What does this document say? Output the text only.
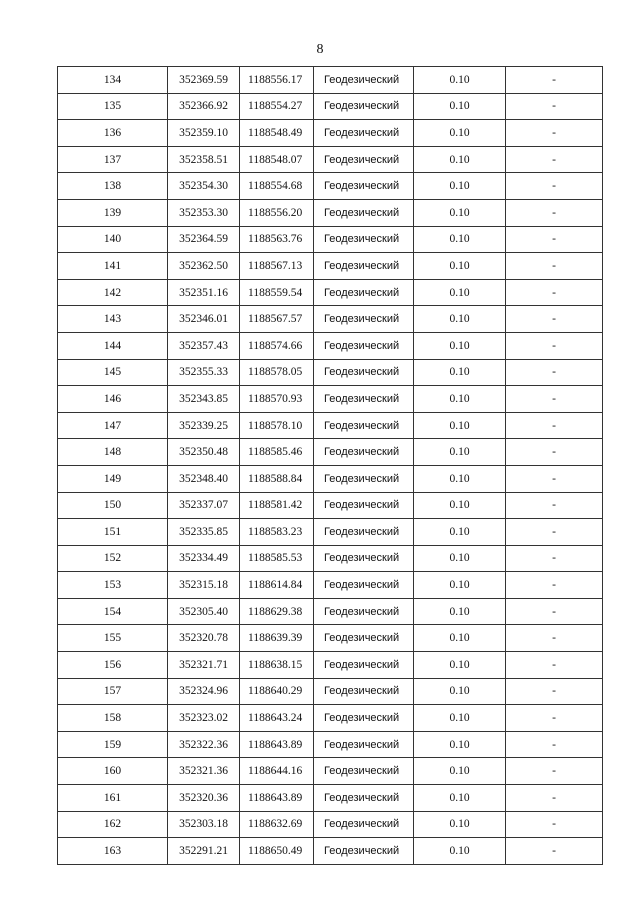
8
134	352369.59	1188556.17	Геодезический	0.10	-
135	352366.92	1188554.27	Геодезический	0.10	-
136	352359.10	1188548.49	Геодезический	0.10	-
137	352358.51	1188548.07	Геодезический	0.10	-
138	352354.30	1188554.68	Геодезический	0.10	-
139	352353.30	1188556.20	Геодезический	0.10	-
140	352364.59	1188563.76	Геодезический	0.10	-
141	352362.50	1188567.13	Геодезический	0.10	-
142	352351.16	1188559.54	Геодезический	0.10	-
143	352346.01	1188567.57	Геодезический	0.10	-
144	352357.43	1188574.66	Геодезический	0.10	-
145	352355.33	1188578.05	Геодезический	0.10	-
146	352343.85	1188570.93	Геодезический	0.10	-
147	352339.25	1188578.10	Геодезический	0.10	-
148	352350.48	1188585.46	Геодезический	0.10	-
149	352348.40	1188588.84	Геодезический	0.10	-
150	352337.07	1188581.42	Геодезический	0.10	-
151	352335.85	1188583.23	Геодезический	0.10	-
152	352334.49	1188585.53	Геодезический	0.10	-
153	352315.18	1188614.84	Геодезический	0.10	-
154	352305.40	1188629.38	Геодезический	0.10	-
155	352320.78	1188639.39	Геодезический	0.10	-
156	352321.71	1188638.15	Геодезический	0.10	-
157	352324.96	1188640.29	Геодезический	0.10	-
158	352323.02	1188643.24	Геодезический	0.10	-
159	352322.36	1188643.89	Геодезический	0.10	-
160	352321.36	1188644.16	Геодезический	0.10	-
161	352320.36	1188643.89	Геодезический	0.10	-
162	352303.18	1188632.69	Геодезический	0.10	-
163	352291.21	1188650.49	Геодезический	0.10	-
